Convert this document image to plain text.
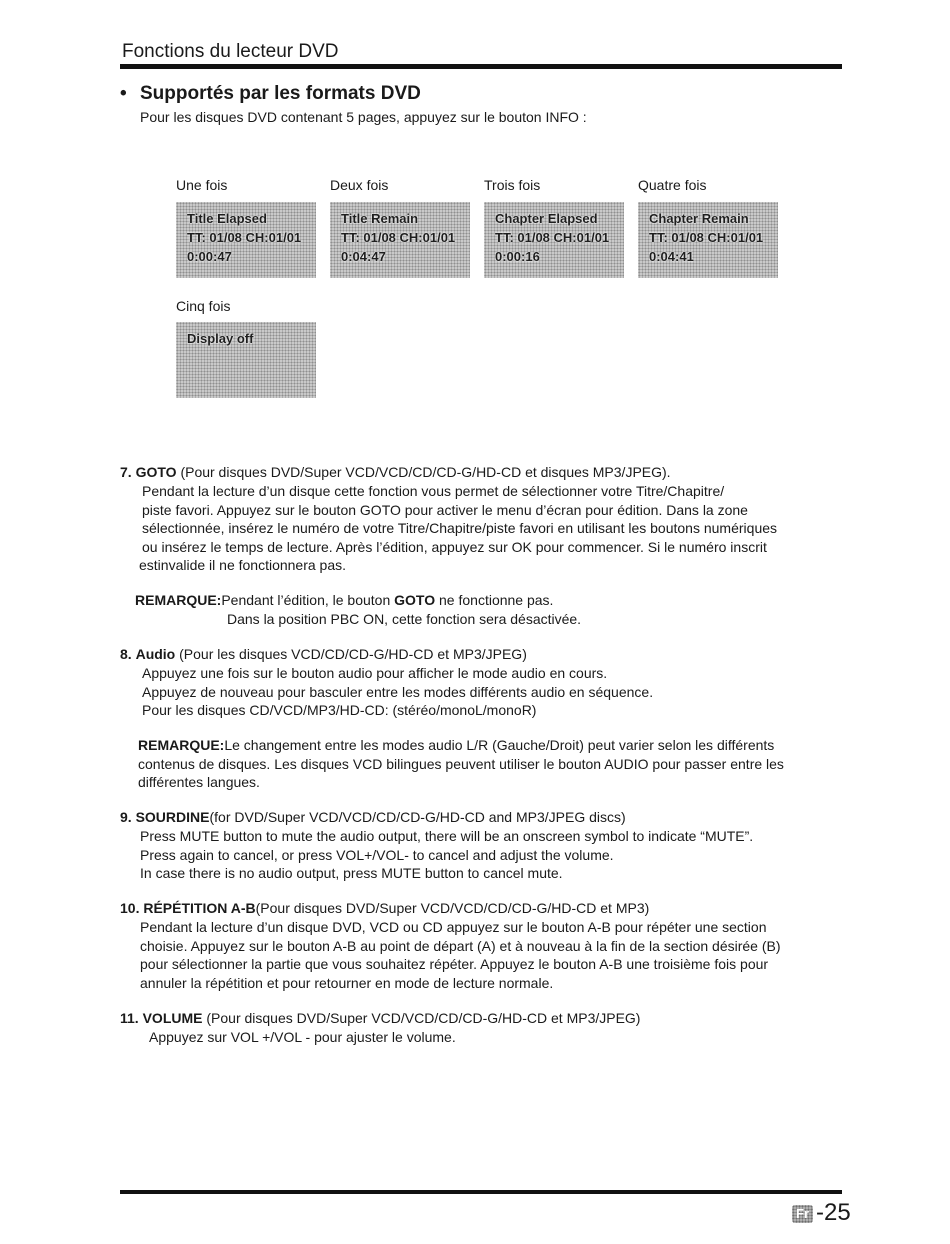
Fonctions du lecteur DVD
• Supportés par les formats DVD
Pour les disques DVD contenant 5 pages, appuyez sur le bouton INFO :
Une fois	Deux fois	Trois fois	Quatre fois
Title Elapsed
TT: 01/08 CH:01/01
0:00:47
Title Remain
TT: 01/08 CH:01/01
0:04:47
Chapter Elapsed
TT: 01/08 CH:01/01
0:00:16
Chapter Remain
TT: 01/08 CH:01/01
0:04:41
Cinq fois
Display off
7. GOTO (Pour disques DVD/Super VCD/VCD/CD/CD-G/HD-CD et disques MP3/JPEG).
Pendant la lecture d’un disque cette fonction vous permet de sélectionner votre Titre/Chapitre/
piste favori. Appuyez sur le bouton GOTO pour activer le menu d’écran pour édition. Dans la zone
sélectionnée, insérez le numéro de votre Titre/Chapitre/piste favori en utilisant les boutons numériques
ou insérez le temps de lecture. Après l’édition, appuyez sur OK pour commencer. Si le numéro inscrit
estinvalide il ne fonctionnera pas.
REMARQUE:Pendant l’édition, le bouton GOTO ne fonctionne pas.
Dans la position PBC ON, cette fonction sera désactivée.
8. Audio (Pour les disques VCD/CD/CD-G/HD-CD et MP3/JPEG)
Appuyez une fois sur le bouton audio pour afficher le mode audio en cours.
Appuyez de nouveau pour basculer entre les modes différents audio en séquence.
Pour les disques CD/VCD/MP3/HD-CD: (stéréo/monoL/monoR)
REMARQUE:Le changement entre les modes audio L/R (Gauche/Droit) peut varier selon les différents
contenus de disques. Les disques VCD bilingues peuvent utiliser le bouton AUDIO pour passer entre les
différentes langues.
9. SOURDINE(for DVD/Super VCD/VCD/CD/CD-G/HD-CD and MP3/JPEG discs)
Press MUTE button to mute the audio output, there will be an onscreen symbol to indicate “MUTE”.
Press again to cancel, or press VOL+/VOL- to cancel and adjust the volume.
In case there is no audio output, press MUTE button to cancel mute.
10. RÉPÉTITION A-B(Pour disques DVD/Super VCD/VCD/CD/CD-G/HD-CD et MP3)
Pendant la lecture d’un disque DVD, VCD ou CD appuyez sur le bouton A-B pour répéter une section
choisie. Appuyez sur le bouton A-B au point de départ (A) et à nouveau à la fin de la section désirée (B)
pour sélectionner la partie que vous souhaitez répéter. Appuyez le bouton A-B une troisième fois pour
annuler la répétition et pour retourner en mode de lecture normale.
11. VOLUME (Pour disques DVD/Super VCD/VCD/CD/CD-G/HD-CD et MP3/JPEG)
Appuyez sur VOL +/VOL - pour ajuster le volume.
Fr -25
